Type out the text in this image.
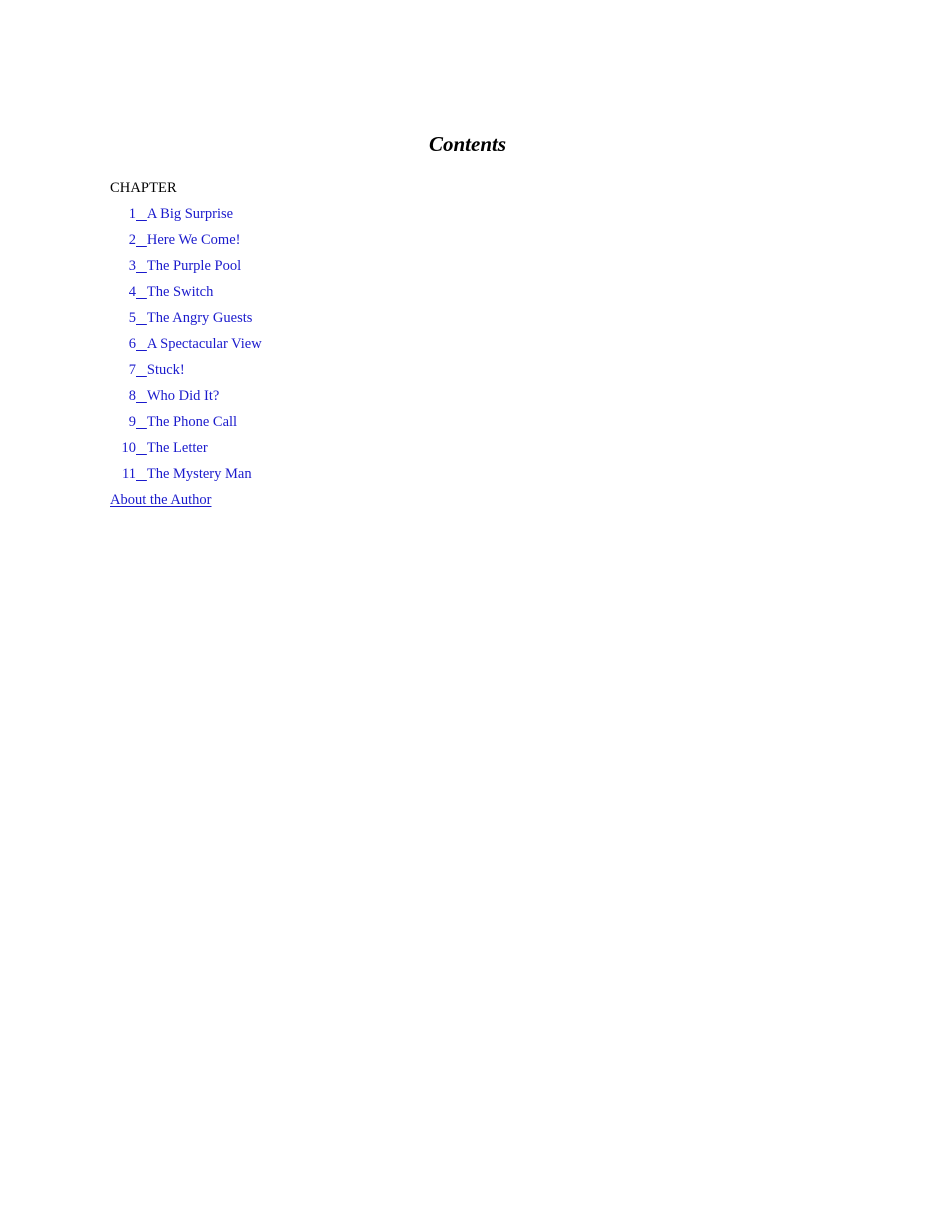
Contents
CHAPTER
1 A Big Surprise
2 Here We Come!
3 The Purple Pool
4 The Switch
5 The Angry Guests
6 A Spectacular View
7 Stuck!
8 Who Did It?
9 The Phone Call
10 The Letter
11 The Mystery Man
About the Author
